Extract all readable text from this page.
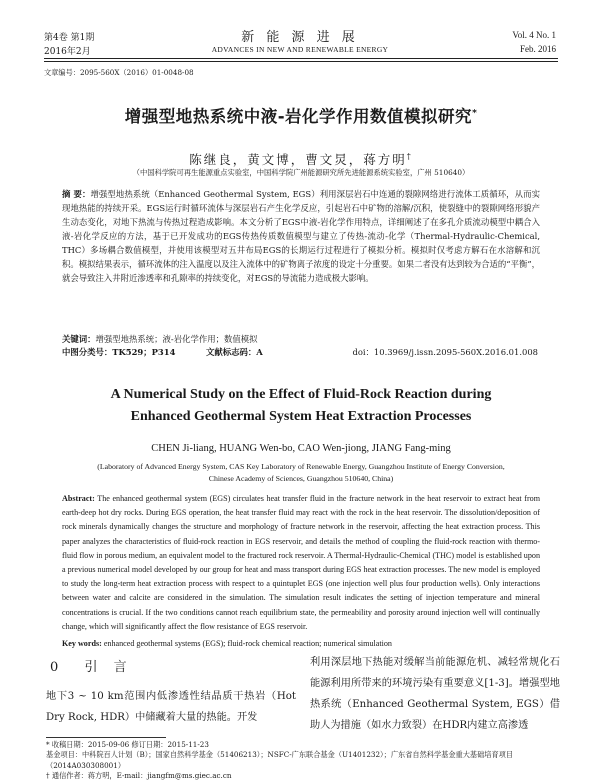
第4卷 第1期
2016年2月
新 能 源 进 展
ADVANCES IN NEW AND RENEWABLE ENERGY
Vol. 4 No. 1
Feb. 2016
文章编号：2095-560X（2016）01-0048-08
增强型地热系统中液-岩化学作用数值模拟研究*
陈继良，黄文博，曹文炅，蒋方明†
（中国科学院可再生能源重点实验室，中国科学院广州能源研究所先进能源系统实验室，广州 510640）
摘 要：增强型地热系统（Enhanced Geothermal System, EGS）利用深层岩石中连通的裂隙网络进行流体工质循环，从而实现地热能的持续开采。EGS运行时循环流体与深层岩石产生化学反应，引起岩石中矿物的溶解/沉积，使裂缝中的裂隙网络形貌产生动态变化，对地下热流与传热过程造成影响。本文分析了EGS中液-岩化学作用特点，详细阐述了在多孔介质流动模型中耦合入液-岩化学反应的方法，基于已开发成功的EGS传热传质数值模型与建立了传热-流动-化学（Thermal-Hydraulic-Chemical, THC）多场耦合数值模型，并使用该模型对五井布局EGS的长期运行过程进行了模拟分析。模拟时仅考虑方解石在水溶解和沉积。模拟结果表示，循环流体的注入温度以及注入流体中的矿物离子浓度的设定十分重要。如果二者没有达到较为合适的“平衡”，就会导致注入井附近渗透率和孔隙率的持续变化，对EGS的导流能力造成极大影响。
关键词：增强型地热系统；液-岩化学作用；数值模拟
中图分类号：TK529；P314	文献标志码：A	doi：10.3969/j.issn.2095-560X.2016.01.008
A Numerical Study on the Effect of Fluid-Rock Reaction during
Enhanced Geothermal System Heat Extraction Processes
CHEN Ji-liang, HUANG Wen-bo, CAO Wen-jiong, JIANG Fang-ming
(Laboratory of Advanced Energy System, CAS Key Laboratory of Renewable Energy, Guangzhou Institute of Energy Conversion,
Chinese Academy of Sciences, Guangzhou 510640, China)
Abstract: The enhanced geothermal system (EGS) circulates heat transfer fluid in the fracture network in the heat reservoir to extract heat from earth-deep hot dry rocks. During EGS operation, the heat transfer fluid may react with the rock in the heat reservoir. The dissolution/deposition of rock minerals dynamically changes the structure and morphology of fracture network in the reservoir, affecting the heat extraction process. This paper analyzes the characteristics of fluid-rock reaction in EGS reservoir, and details the method of coupling the fluid-rock reaction with thermo-fluid flow in porous medium, an equivalent model to the fractured rock reservoir. A Thermal-Hydraulic-Chemical (THC) model is established upon a previous numerical model developed by our group for heat and mass transport during EGS heat extraction processes. The new model is employed to study the long-term heat extraction process with respect to a quintuplet EGS (one injection well plus four production wells). Only interactions between water and calcite are considered in the simulation. The simulation result indicates the setting of injection temperature and mineral concentrations is crucial. If the two conditions cannot reach equilibrium state, the permeability and porosity around injection well will continually change, which will significantly affect the flow resistance of EGS reservoir.
Key words: enhanced geothermal systems (EGS); fluid-rock chemical reaction; numerical simulation
0 引 言
地下3 ~ 10 km范围内低渗透性结晶质干热岩（Hot Dry Rock, HDR）中储藏着大量的热能。开发
利用深层地下热能对缓解当前能源危机、减轻常规化石能源利用所带来的环境污染有重要意义[1-3]。增强型地热系统（Enhanced Geothermal System, EGS）借助人为措施（如水力致裂）在HDR内建立高渗透
* 收稿日期：2015-09-06 修订日期：2015-11-23
基金项目：中科院百人计划（B）；国家自然科学基金（51406213）；NSFC-广东联合基金（U1401232）；广东省自然科学基金重大基础培育项目（2014A030308001）
† 通信作者：蒋方明，E-mail：jiangfm@ms.giec.ac.cn
